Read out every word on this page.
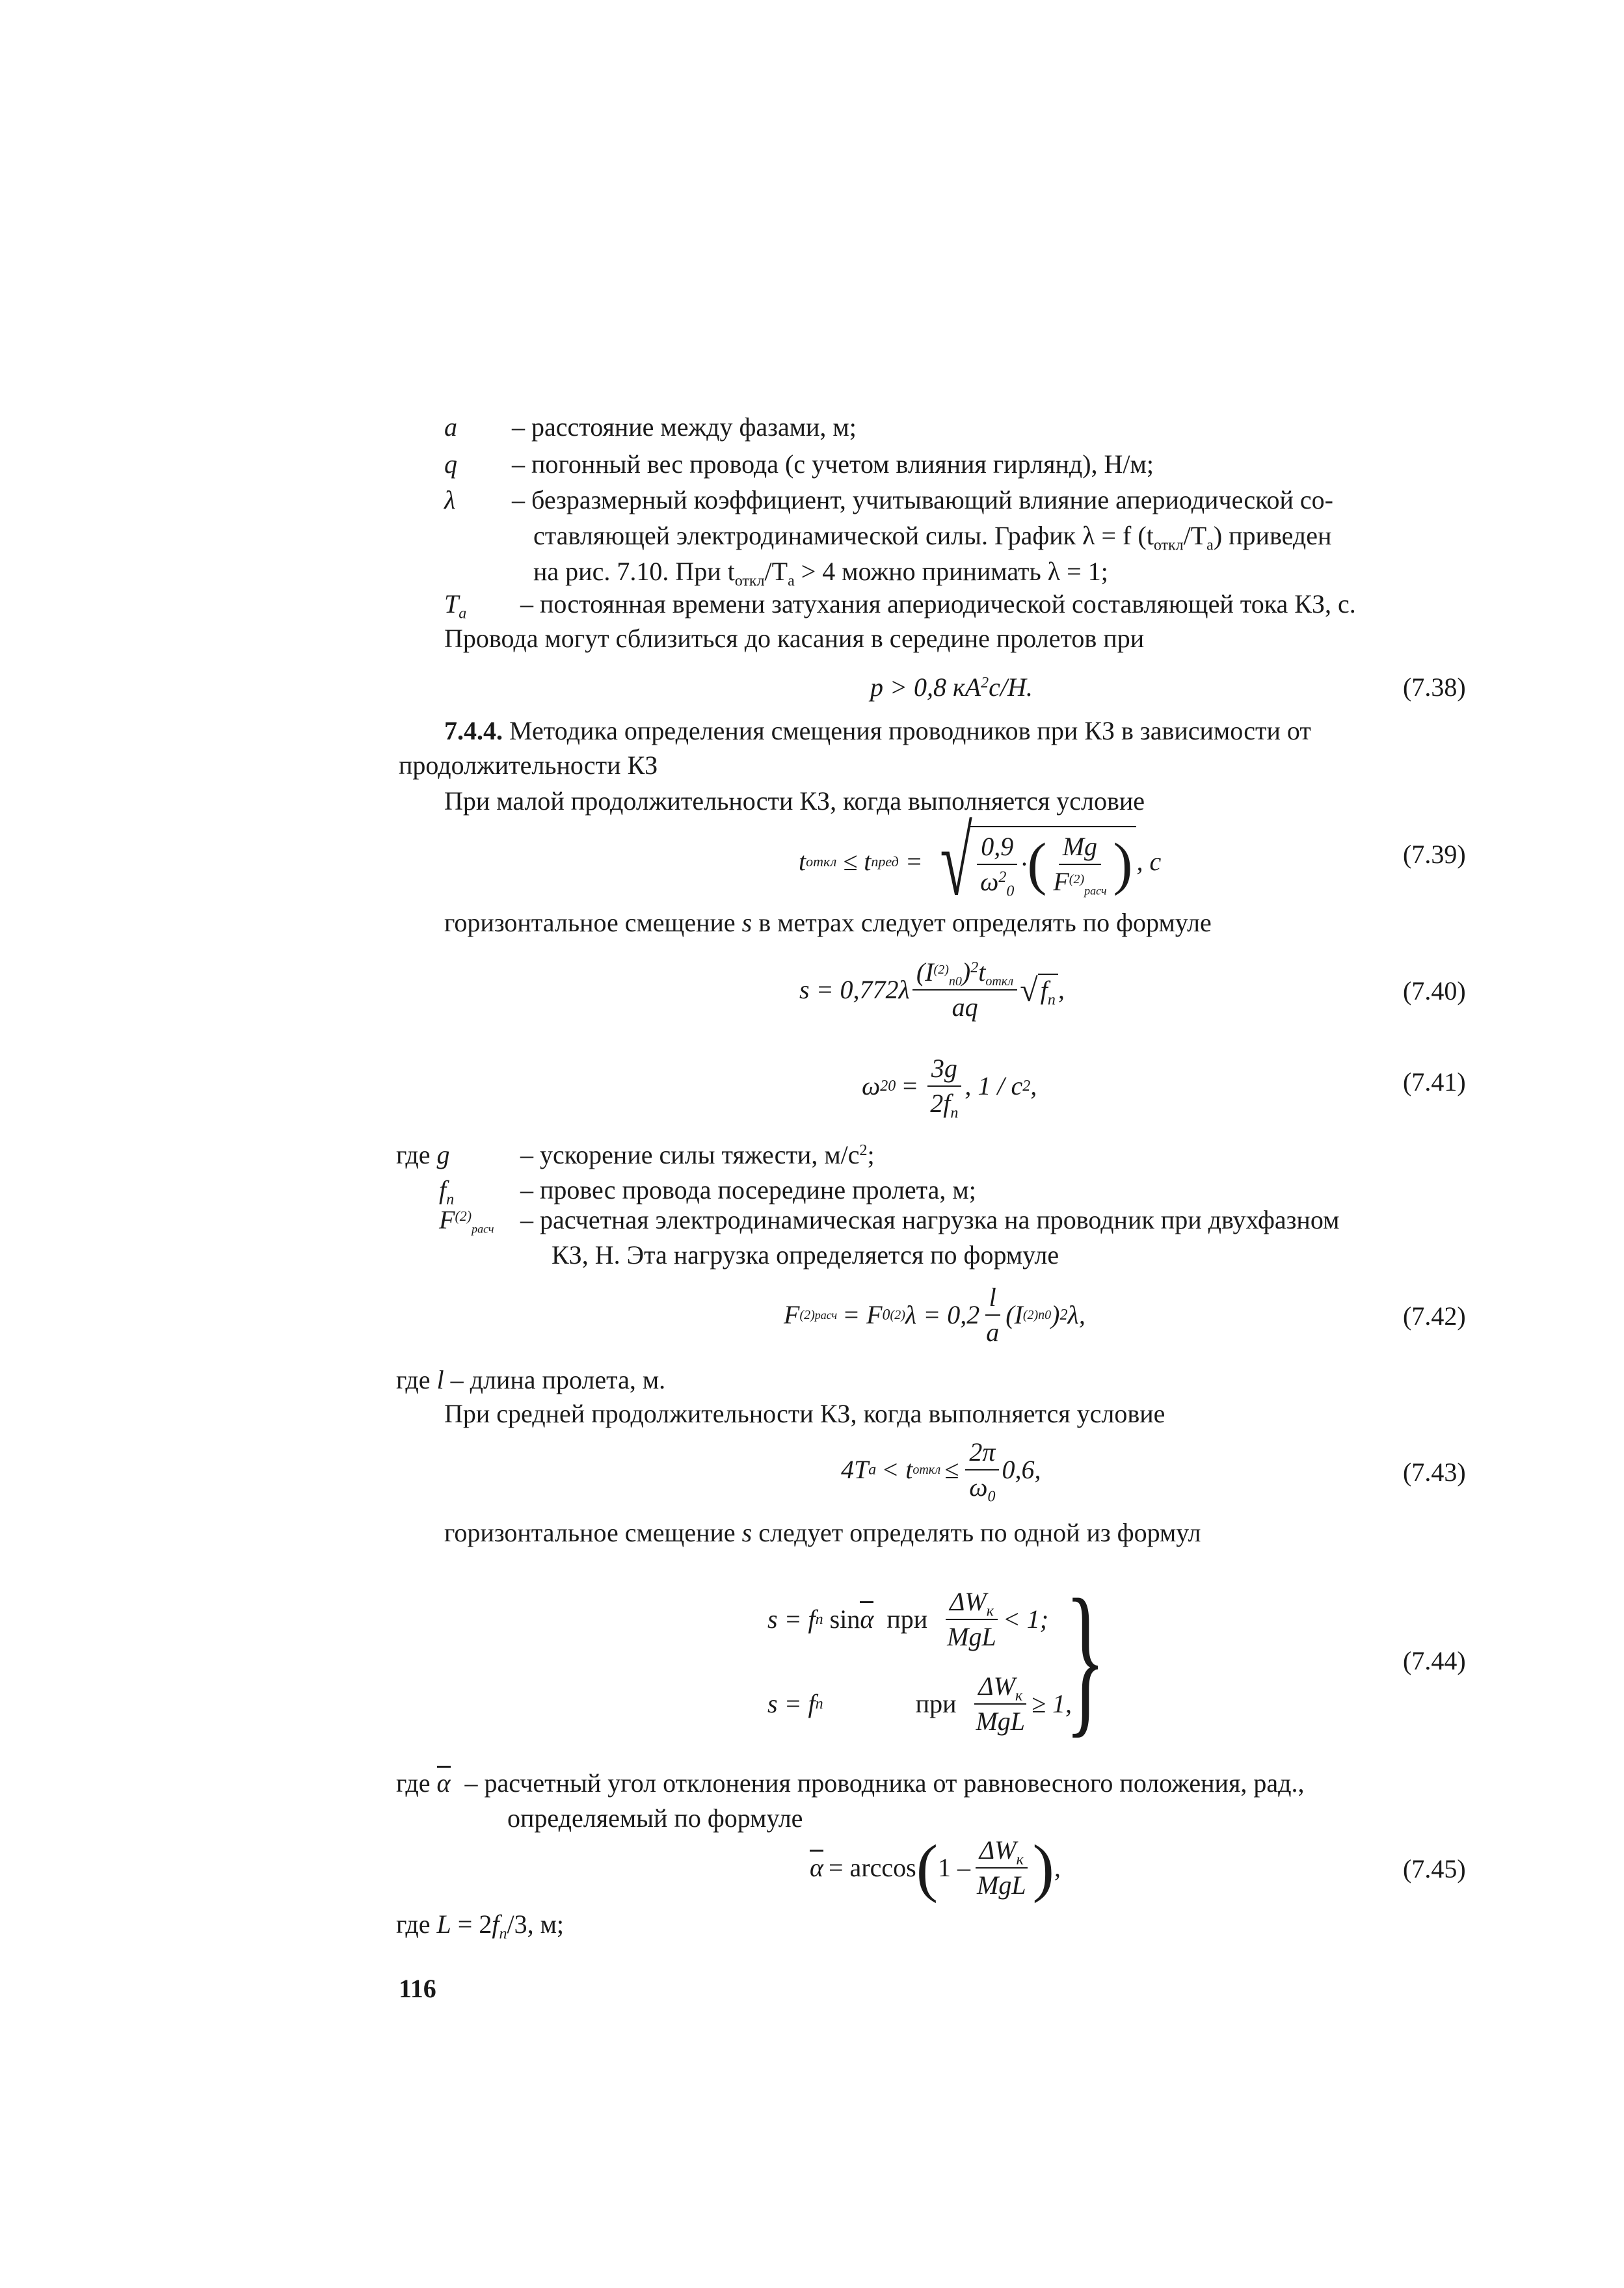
a – расстояние между фазами, м;
q – погонный вес провода (с учетом влияния гирлянд), Н/м;
λ – безразмерный коэффициент, учитывающий влияние апериодической со-
ставляющей электродинамической силы. График λ = f $(t_{откл}/T_а)$ приведен
на рис. 7.10. При $t_{откл}/T_а > 4$ можно принимать λ = 1;
$T_а$ – постоянная времени затухания апериодической составляющей тока КЗ, с.
Провода могут сблизиться до касания в середине пролетов при
p > 0,8 $кА^2с/Н$.	(7.38)
7.4.4. Методика определения смещения проводников при КЗ в зависимости от
продолжительности КЗ
При малой продолжительности КЗ, когда выполняется условие
t откл ≤ t пред = √ 0,9
$\omega^2_0$
· ( Mg
$F^{(2)}_{расч}$ ) , c	(7.39)
горизонтальное смещение s в метрах следует определять по формуле
s = 0,772λ
$(I^{(2)}_{п0})^2t_{откл}$
aq √ $f_п$ ,	(7.40)
ω 2 0 =
3g
$2f_п$
, 1 / c 2 ,	(7.41)
где g	– ускорение силы тяжести, $м/с^2$;
$f_п$	– провес провода посередине пролета, м;
$F^{(2)}_{расч}$ – расчетная электродинамическая нагрузка на проводник при двухфазном
КЗ, Н. Эта нагрузка определяется по формуле
F (2) расч = F 0 (2) λ = 0,2
l
a
(I (2) п0 ) 2 λ,	(7.42)
где l – длина пролета, м.
При средней продолжительности КЗ, когда выполняется условие
4T a < t откл ≤ $\frac{2\pi}{\omega_0} 0,6$,	(7.43)
горизонтальное смещение s следует определять по одной из формул
s = f п sin α при
$\Delta W_к$
MgL
< 1;
s = f п	при
$\Delta W_к$
MgL
≥ 1,
}	(7.44)
где α – расчетный угол отклонения проводника от равновесного положения, рад.,
определяемый по формуле
α = arccos ( 1 –
$\Delta W_к$
MgL ) ,	(7.45)
где $L = 2f_п/3$, м;
116
